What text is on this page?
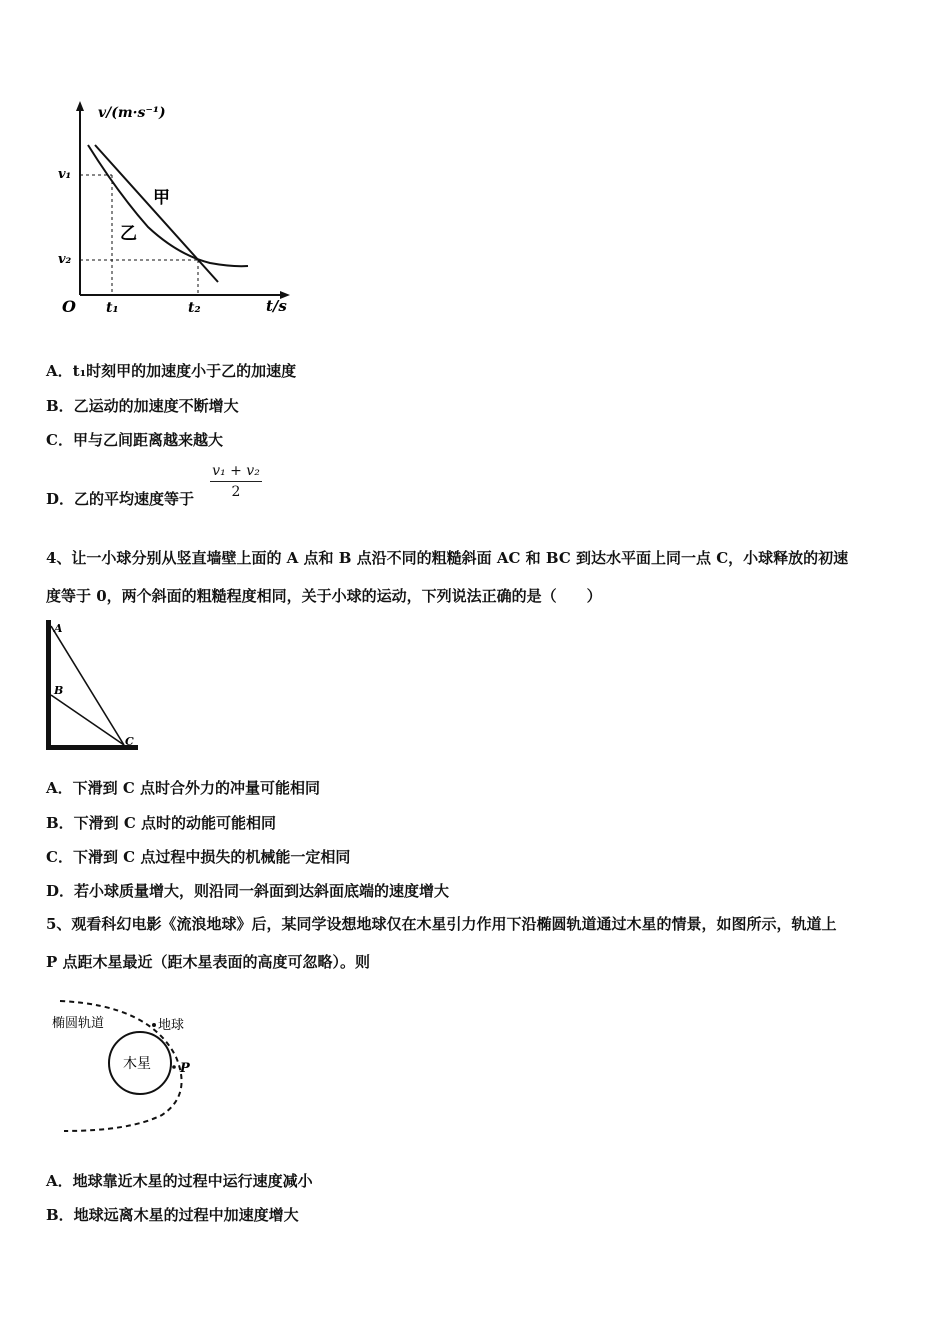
v/(m·s⁻¹)
t/s
O
v₁
v₂
t₁	t₂
甲
乙
A．t₁时刻甲的加速度小于乙的加速度
B．乙运动的加速度不断增大
C．甲与乙间距离越来越大
D．乙的平均速度等于
v₁ + v₂
2
4、让一小球分别从竖直墙壁上面的 A 点和 B 点沿不同的粗糙斜面 AC 和 BC 到达水平面上同一点 C，小球释放的初速
度等于 0，两个斜面的粗糙程度相同，关于小球的运动，下列说法正确的是（　　）
A
B
C
A．下滑到 C 点时合外力的冲量可能相同
B．下滑到 C 点时的动能可能相同
C．下滑到 C 点过程中损失的机械能一定相同
D．若小球质量增大，则沿同一斜面到达斜面底端的速度增大
5、观看科幻电影《流浪地球》后，某同学设想地球仅在木星引力作用下沿椭圆轨道通过木星的情景，如图所示，轨道上
P 点距木星最近（距木星表面的高度可忽略）。则
椭圆轨道	地球
木星 P
A．地球靠近木星的过程中运行速度减小
B．地球远离木星的过程中加速度增大
